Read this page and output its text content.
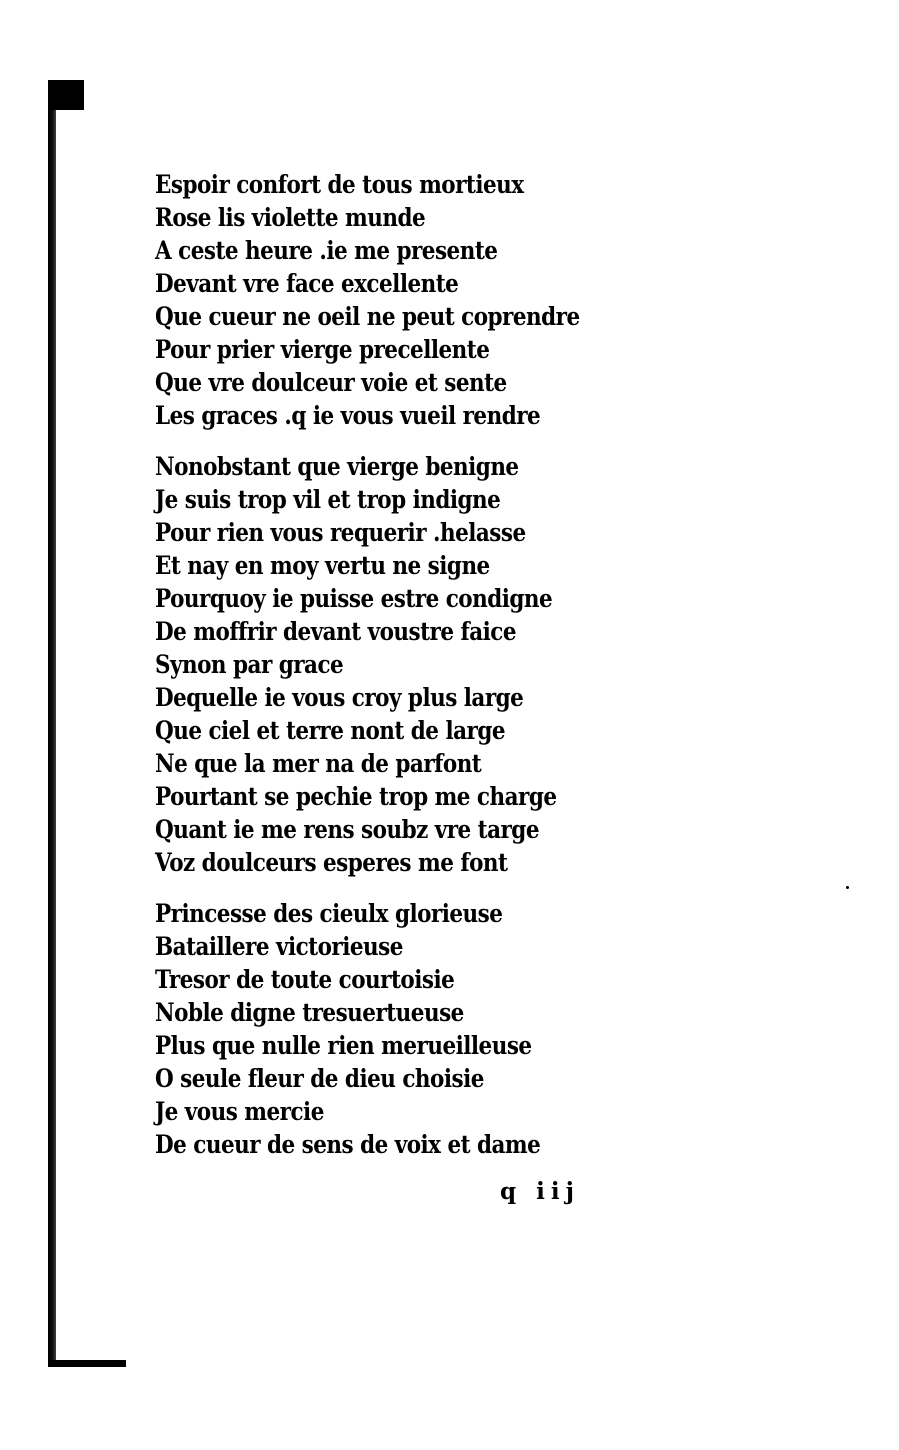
Espoir confort de tous mortieux
Rose lis violette munde
A ceste heure .ie me presente
Devant vre face excellente
Que cueur ne oeil ne peut coprendre
Pour prier vierge precellente
Que vre doulceur voie et sente
Les graces .q ie vous vueil rendre
Nonobstant que vierge benigne
Je suis trop vil et trop indigne
Pour rien vous requerir .helasse
Et nay en moy vertu ne signe
Pourquoy ie puisse estre condigne
De moffrir devant voustre faice
Synon par grace
Dequelle ie vous croy plus large
Que ciel et terre nont de large
Ne que la mer na de parfont
Pourtant se pechie trop me charge
Quant ie me rens soubz vre targe
Voz doulceurs esperes me font
Princesse des cieulx glorieuse
Bataillere victorieuse
Tresor de toute courtoisie
Noble digne tresuertueuse
Plus que nulle rien merueilleuse
O seule fleur de dieu choisie
Je vous mercie
De cueur de sens de voix et dame
q iij
